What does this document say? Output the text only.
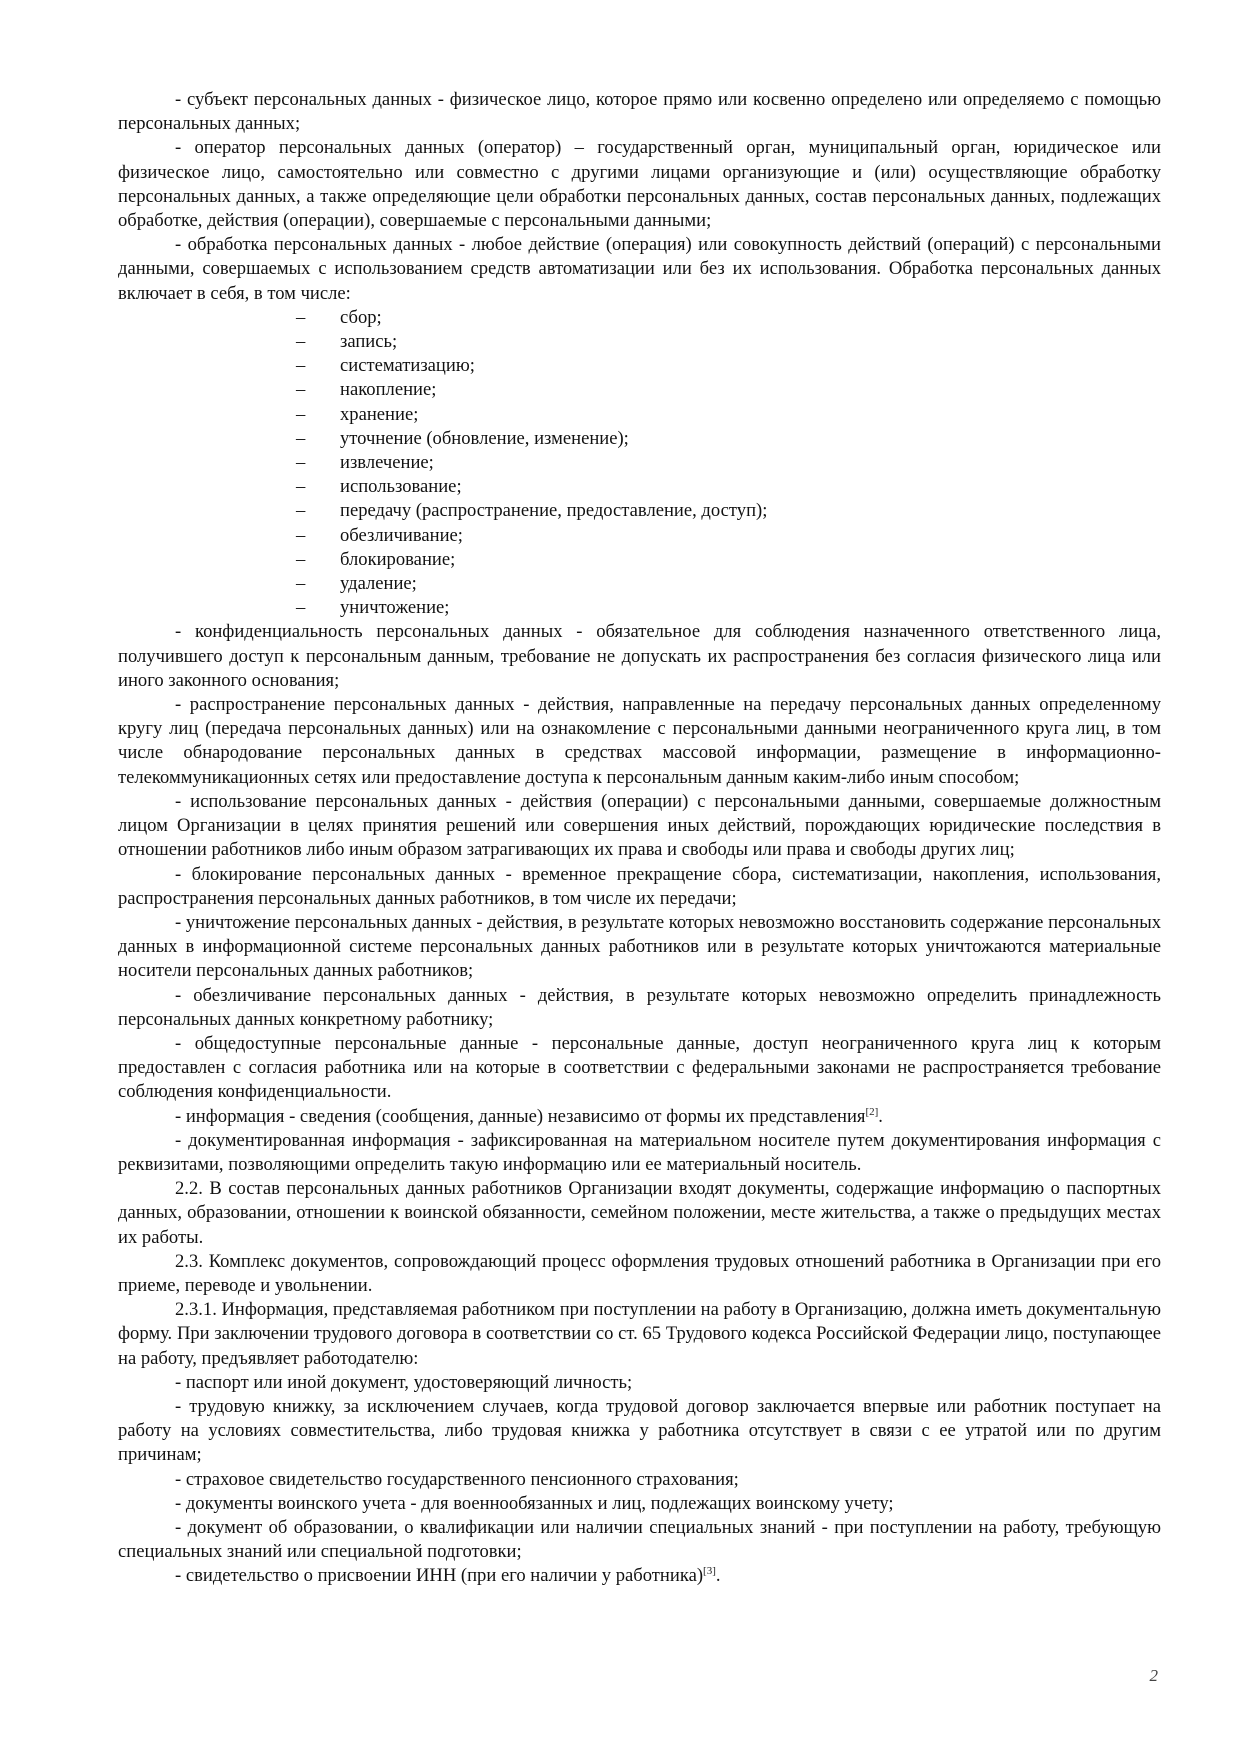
- субъект персональных данных - физическое лицо, которое прямо или косвенно определено или определяемо с помощью персональных данных;

- оператор персональных данных (оператор) – государственный орган, муниципальный орган, юридическое или физическое лицо, самостоятельно или совместно с другими лицами организующие и (или) осуществляющие обработку персональных данных, а также определяющие цели обработки персональных данных, состав персональных данных, подлежащих обработке, действия (операции), совершаемые с персональными данными;

- обработка персональных данных - любое действие (операция) или совокупность действий (операций) с персональными данными, совершаемых с использованием средств автоматизации или без их использования. Обработка персональных данных включает в себя, в том числе:

– сбор;
– запись;
– систематизацию;
– накопление;
– хранение;
– уточнение (обновление, изменение);
– извлечение;
– использование;
– передачу (распространение, предоставление, доступ);
– обезличивание;
– блокирование;
– удаление;
– уничтожение;

- конфиденциальность персональных данных - обязательное для соблюдения назначенного ответственного лица, получившего доступ к персональным данным, требование не допускать их распространения без согласия физического лица или иного законного основания;

- распространение персональных данных - действия, направленные на передачу персональных данных определенному кругу лиц (передача персональных данных) или на ознакомление с персональными данными неограниченного круга лиц, в том числе обнародование персональных данных в средствах массовой информации, размещение в информационно-телекоммуникационных сетях или предоставление доступа к персональным данным каким-либо иным способом;

- использование персональных данных - действия (операции) с персональными данными, совершаемые должностным лицом Организации в целях принятия решений или совершения иных действий, порождающих юридические последствия в отношении работников либо иным образом затрагивающих их права и свободы или права и свободы других лиц;

- блокирование персональных данных - временное прекращение сбора, систематизации, накопления, использования, распространения персональных данных работников, в том числе их передачи;

- уничтожение персональных данных - действия, в результате которых невозможно восстановить содержание персональных данных в информационной системе персональных данных работников или в результате которых уничтожаются материальные носители персональных данных работников;

- обезличивание персональных данных - действия, в результате которых невозможно определить принадлежность персональных данных конкретному работнику;

- общедоступные персональные данные - персональные данные, доступ неограниченного круга лиц к которым предоставлен с согласия работника или на которые в соответствии с федеральными законами не распространяется требование соблюдения конфиденциальности.

- информация - сведения (сообщения, данные) независимо от формы их представления[2].

- документированная информация - зафиксированная на материальном носителе путем документирования информация с реквизитами, позволяющими определить такую информацию или ее материальный носитель.

2.2. В состав персональных данных работников Организации входят документы, содержащие информацию о паспортных данных, образовании, отношении к воинской обязанности, семейном положении, месте жительства, а также о предыдущих местах их работы.

2.3. Комплекс документов, сопровождающий процесс оформления трудовых отношений работника в Организации при его приеме, переводе и увольнении.

2.3.1. Информация, представляемая работником при поступлении на работу в Организацию, должна иметь документальную форму. При заключении трудового договора в соответствии со ст. 65 Трудового кодекса Российской Федерации лицо, поступающее на работу, предъявляет работодателю:

- паспорт или иной документ, удостоверяющий личность;

- трудовую книжку, за исключением случаев, когда трудовой договор заключается впервые или работник поступает на работу на условиях совместительства, либо трудовая книжка у работника отсутствует в связи с ее утратой или по другим причинам;

- страховое свидетельство государственного пенсионного страхования;

- документы воинского учета - для военнообязанных и лиц, подлежащих воинскому учету;

- документ об образовании, о квалификации или наличии специальных знаний - при поступлении на работу, требующую специальных знаний или специальной подготовки;

- свидетельство о присвоении ИНН (при его наличии у работника)[3].

2
